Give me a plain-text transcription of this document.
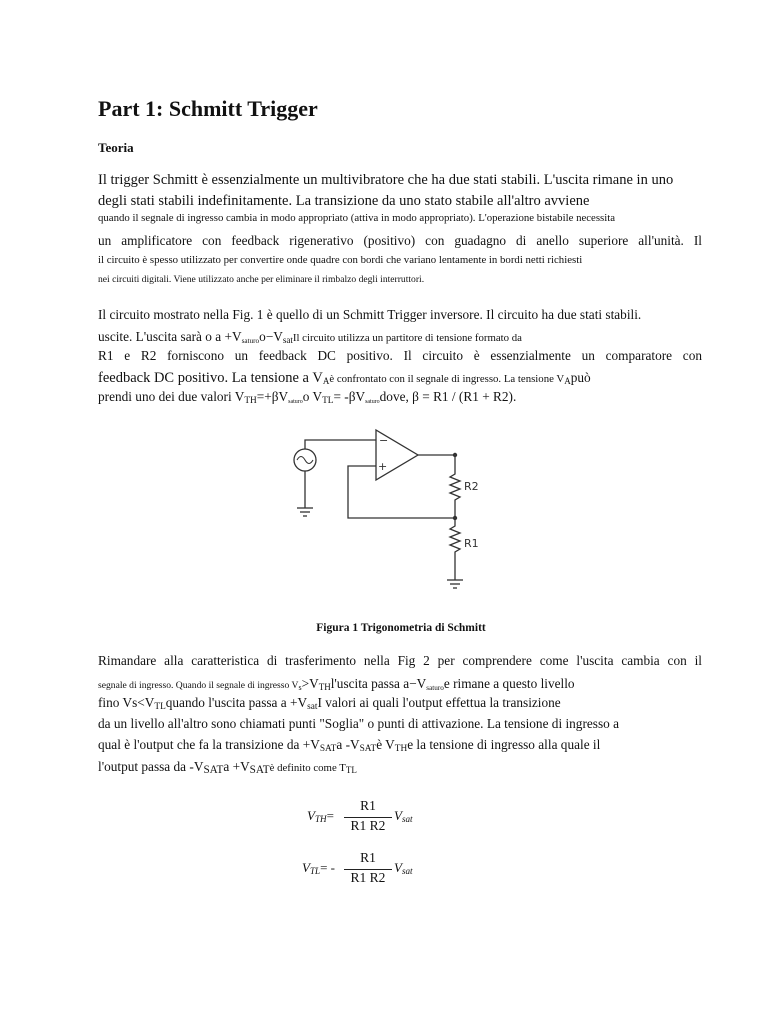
Part 1: Schmitt Trigger
Teoria
Il trigger Schmitt è essenzialmente un multivibratore che ha due stati stabili. L'uscita rimane in uno
degli stati stabili indefinitamente. La transizione da uno stato stabile all'altro avviene
quando il segnale di ingresso cambia in modo appropriato (attiva in modo appropriato). L'operazione bistabile necessita
un amplificatore con feedback rigenerativo (positivo) con guadagno di anello superiore all'unità. Il
il circuito è spesso utilizzato per convertire onde quadre con bordi che variano lentamente in bordi netti richiesti
nei circuiti digitali. Viene utilizzato anche per eliminare il rimbalzo degli interruttori.
Il circuito mostrato nella Fig. 1 è quello di un Schmitt Trigger inversore. Il circuito ha due stati stabili.
uscite. L'uscita sarà o $a +V_{saturo}o-V_{sat}Il$ circuito utilizza un partitore di tensione formato da
R1 e R2 forniscono un feedback DC positivo. Il circuito è essenzialmente un comparatore con
feedback DC positivo. La tensione a $V_Aè$ confrontato con il segnale di ingresso. La tensione $V_Apuò$
prendi uno dei due valori $V_{TH}=+\beta V_{saturo}o$ $V_{TL}=$ $-\beta V_{saturo}dove$, β = R1 / (R1 + R2).
−
+
R2
R1
Figura 1 Trigonometria di Schmitt
Rimandare alla caratteristica di trasferimento nella Fig 2 per comprendere come l'uscita cambia con il
segnale di ingresso. Quando il segnale di ingresso $V_s>V_{TH}l'uscita$ passa $a-V_{saturo}e$ rimane a questo livello
fino $Vs<V_{TL}quando$ l'uscita passa $a +V_{sat}I$ valori ai quali l'output effettua la transizione
da un livello all'altro sono chiamati punti "Soglia" o punti di attivazione. La tensione di ingresso a
qual è l'output che fa la transizione da $+V_{SAT}a$ $-V_{SAT}è$ $V_{TH}e$ la tensione di ingresso alla quale il
l'output passa da $-V_{SAT}a$ $+V_{SAT}è$ definito come $T_{TL}$
$V_{TH}=$
R1
R1 R2
$V_{sat}$
$V_{TL}=$ -
R1
R1 R2
$V_{sat}$
